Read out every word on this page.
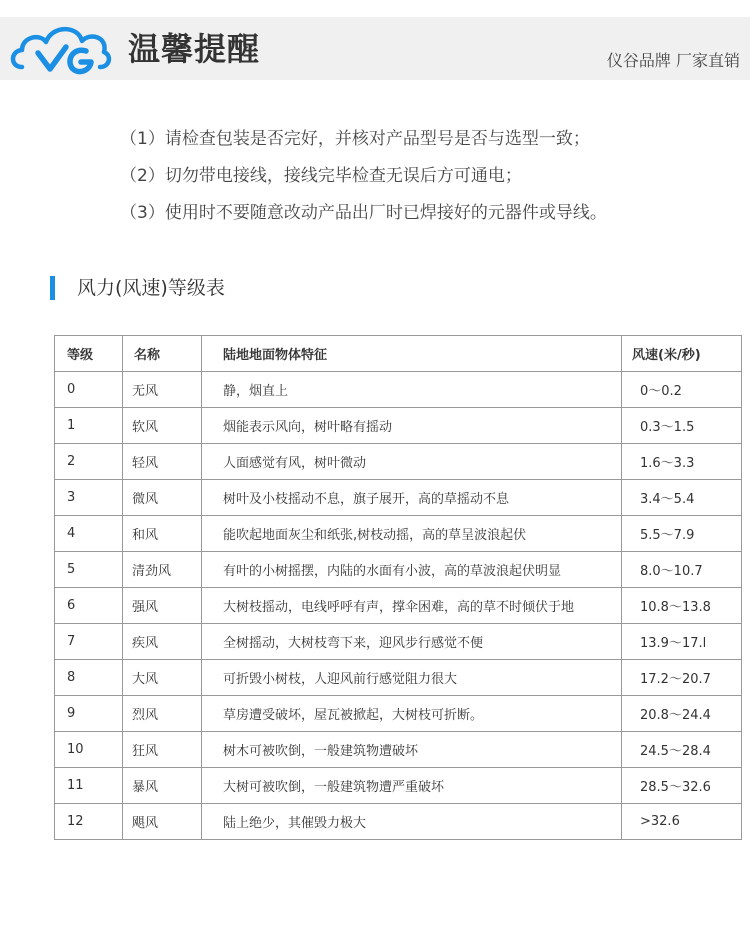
温馨提醒	仪谷品牌 厂家直销
（1）请检查包装是否完好，并核对产品型号是否与选型一致；
（2）切勿带电接线，接线完毕检查无误后方可通电；
（3）使用时不要随意改动产品出厂时已焊接好的元器件或导线。
风力(风速)等级表
等级	名称	陆地地面物体特征	风速(米/秒)
0	无风	静，烟直上	0～0.2
1	软风	烟能表示风向，树叶略有摇动	0.3～1.5
2	轻风	人面感觉有风，树叶微动	1.6～3.3
3	微风	树叶及小枝摇动不息，旗子展开，高的草摇动不息	3.4～5.4
4	和风	能吹起地面灰尘和纸张,树枝动摇，高的草呈波浪起伏	5.5～7.9
5	清劲风	有叶的小树摇摆，内陆的水面有小波，高的草波浪起伏明显	8.0～10.7
6	强风	大树枝摇动，电线呼呼有声，撑伞困难，高的草不时倾伏于地	10.8～13.8
7	疾风	全树摇动，大树枝弯下来，迎风步行感觉不便	13.9～17.l
8	大风	可折毁小树枝，人迎风前行感觉阻力很大	17.2～20.7
9	烈风	草房遭受破坏，屋瓦被掀起，大树枝可折断。	20.8～24.4
10	狂风	树木可被吹倒，一般建筑物遭破坏	24.5～28.4
11	暴风	大树可被吹倒，一般建筑物遭严重破坏	28.5～32.6
12	飓风	陆上绝少，其催毁力极大	>32.6
